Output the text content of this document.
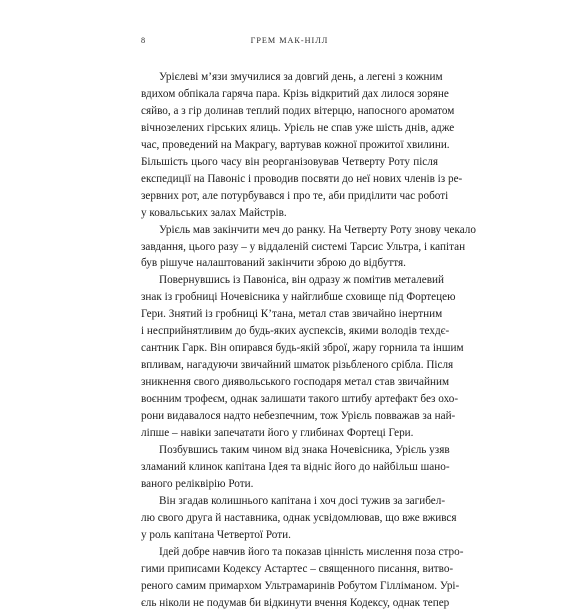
8	ГРЕМ МАК-НІЛЛ
Урієлеві м’язи змучилися за довгий день, а легені з кожним
вдихом обпікала гаряча пара. Крізь відкритий дах лилося зоряне
сяйво, а з гір долинав теплий подих вітерцю, напосного ароматом
вічнозелених гірських ялиць. Урієль не спав уже шість днів, адже
час, проведений на Макрагу, вартував кожної прожитої хвилини.
Більшість цього часу він реорганізовував Четверту Роту після
експедиції на Павоніс і проводив посвяти до неї нових членів із ре-
зервних рот, але потурбувався і про те, аби приділити час роботі
у ковальських залах Майстрів.
Урієль мав закінчити меч до ранку. На Четверту Роту знову чекало
завдання, цього разу – у віддаленій системі Тарсис Ультра, і капітан
був рішуче налаштований закінчити зброю до відбуття.
Повернувшись із Павоніса, він одразу ж помітив металевий
знак із гробниці Ночевісника у найглибше сховище під Фортецею
Гери. Знятий із гробниці К’тана, метал став звичайно інертним
і несприйнятливим до будь-яких ауспексів, якими володів техдє-
сантник Гарк. Він опирався будь-якій зброї, жару горнила та іншим
впливам, нагадуючи звичайний шматок різьбленого срібла. Після
зникнення свого диявольського господаря метал став звичайним
воєнним трофеєм, однак залишати такого штибу артефакт без охо-
рони видавалося надто небезпечним, тож Урієль повважав за най-
ліпше – навіки запечатати його у глибинах Фортеці Гери.
Позбувшись таким чином від знака Ночевісника, Урієль узяв
зламаний клинок капітана Ідея та відніс його до найбільш шано-
ваного реліквірію Роти.
Він згадав колишнього капітана і хоч досі тужив за загибел-
лю свого друга й наставника, однак усвідомлював, що вже вжився
у роль капітана Четвертої Роти.
Ідей добре навчив його та показав цінність мислення поза стро-
гими приписами Кодексу Астартес – священного писання, витво-
реного самим примархом Ультрамаринів Робутом Гілліманом. Урі-
єль ніколи не подумав би відкинути вчення Кодексу, однак тепер
